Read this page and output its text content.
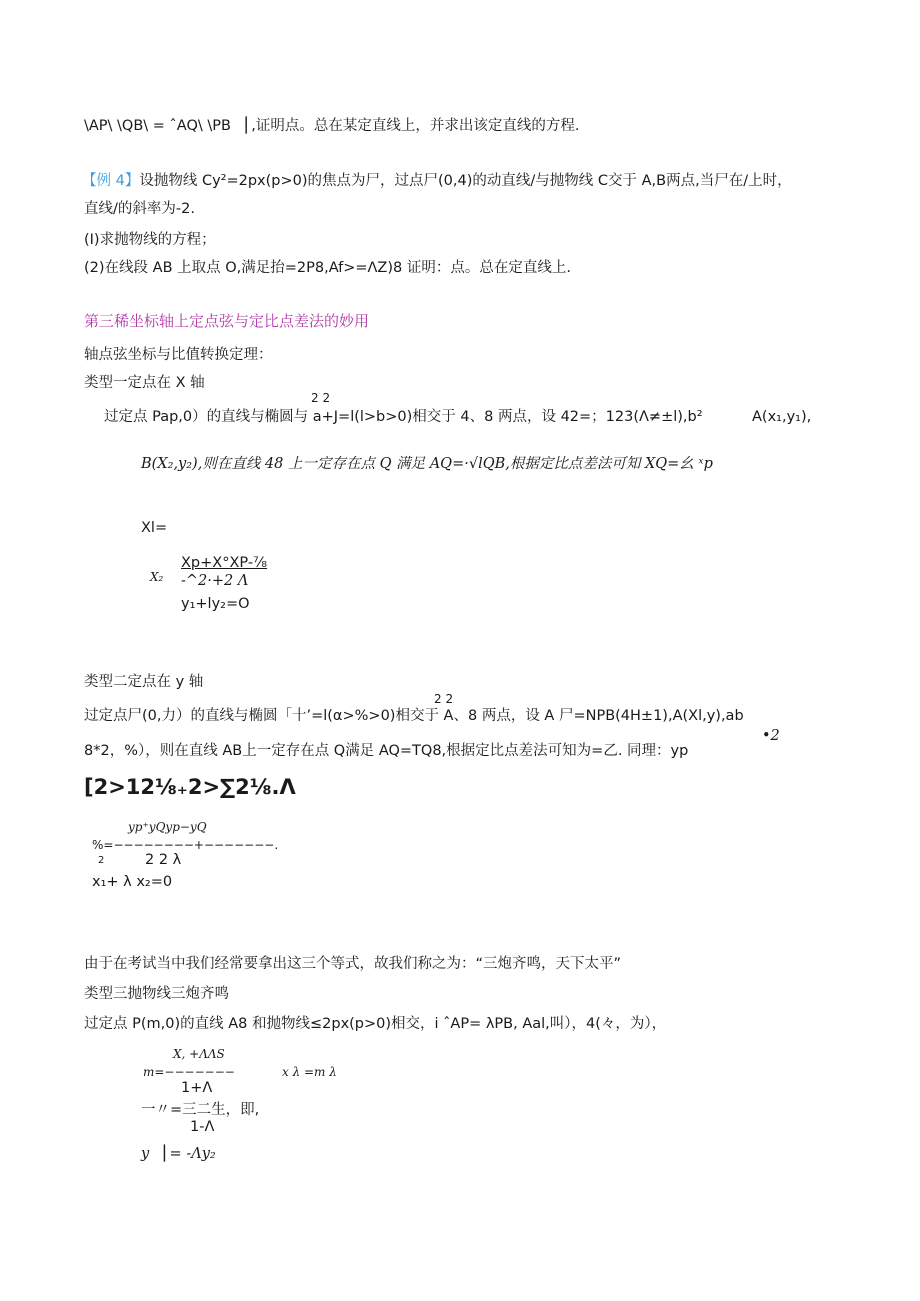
\AP\ \QB\ = ˆAQ\ \PB ▕ ,证明点。总在某定直线上，并求出该定直线的方程.
【例 4】设抛物线 Cy²=2px(p>0)的焦点为尸，过点尸(0,4)的动直线/与抛物线 C交于 A,B两点,当尸在/上时，
直线/的斜率为-2.
(I)求抛物线的方程；
(2)在线段 AB 上取点 O,满足抬=2P8,Af>=ΛZ)8 证明：点。总在定直线上.
第三稀坐标轴上定点弦与定比点差法的妙用
轴点弦坐标与比值转换定理：
类型一定点在 X 轴
2 2
过定点 Pap,0）的直线与椭圆与 a+J=l(l>b>0)相交于 4、8 两点，设 42=；123(Λ≠±l),b²	A(x₁,y₁),
B(X₂,y₂),则在直线 48 上一定存在点 Q 满足 AQ=·√lQB,根据定比点差法可知 XQ=幺 ˣp
Xl=
X₂
Xp+X°XP-⅞
-^2·+2 Λ
y₁+ly₂=O
类型二定点在 y 轴
2 2
过定点尸(0,力）的直线与椭圆「十’=l(α>%>0)相交于 A、8 两点，设 A 尸=NPB(4H±1),A(Xl,y),ab
•2
8*2，%），则在直线 AB上一定存在点 Q满足 AQ=TQ8,根据定比点差法可知为=乙. 同理：yp
[2>12⅛₊2>∑2⅛.Λ
yp⁺yQyp−yQ
%=−−−−−−−−+−−−−−−−.
2	2 2 λ
x₁+ λ x₂=0
由于在考试当中我们经常要拿出这三个等式，故我们称之为：“三炮齐鸣，天下太平”
类型三抛物线三炮齐鸣
过定点 P(m,0)的直线 A8 和抛物线≤2px(p>0)相交，i ˆAP= λPB, Aal,叫），4(々，为），
X, +ΛΛS
m=−−−−−−−
1+Λ
x λ =m λ
一〃=三二生，即,
1-Λ
y ▕ = -Λy₂
